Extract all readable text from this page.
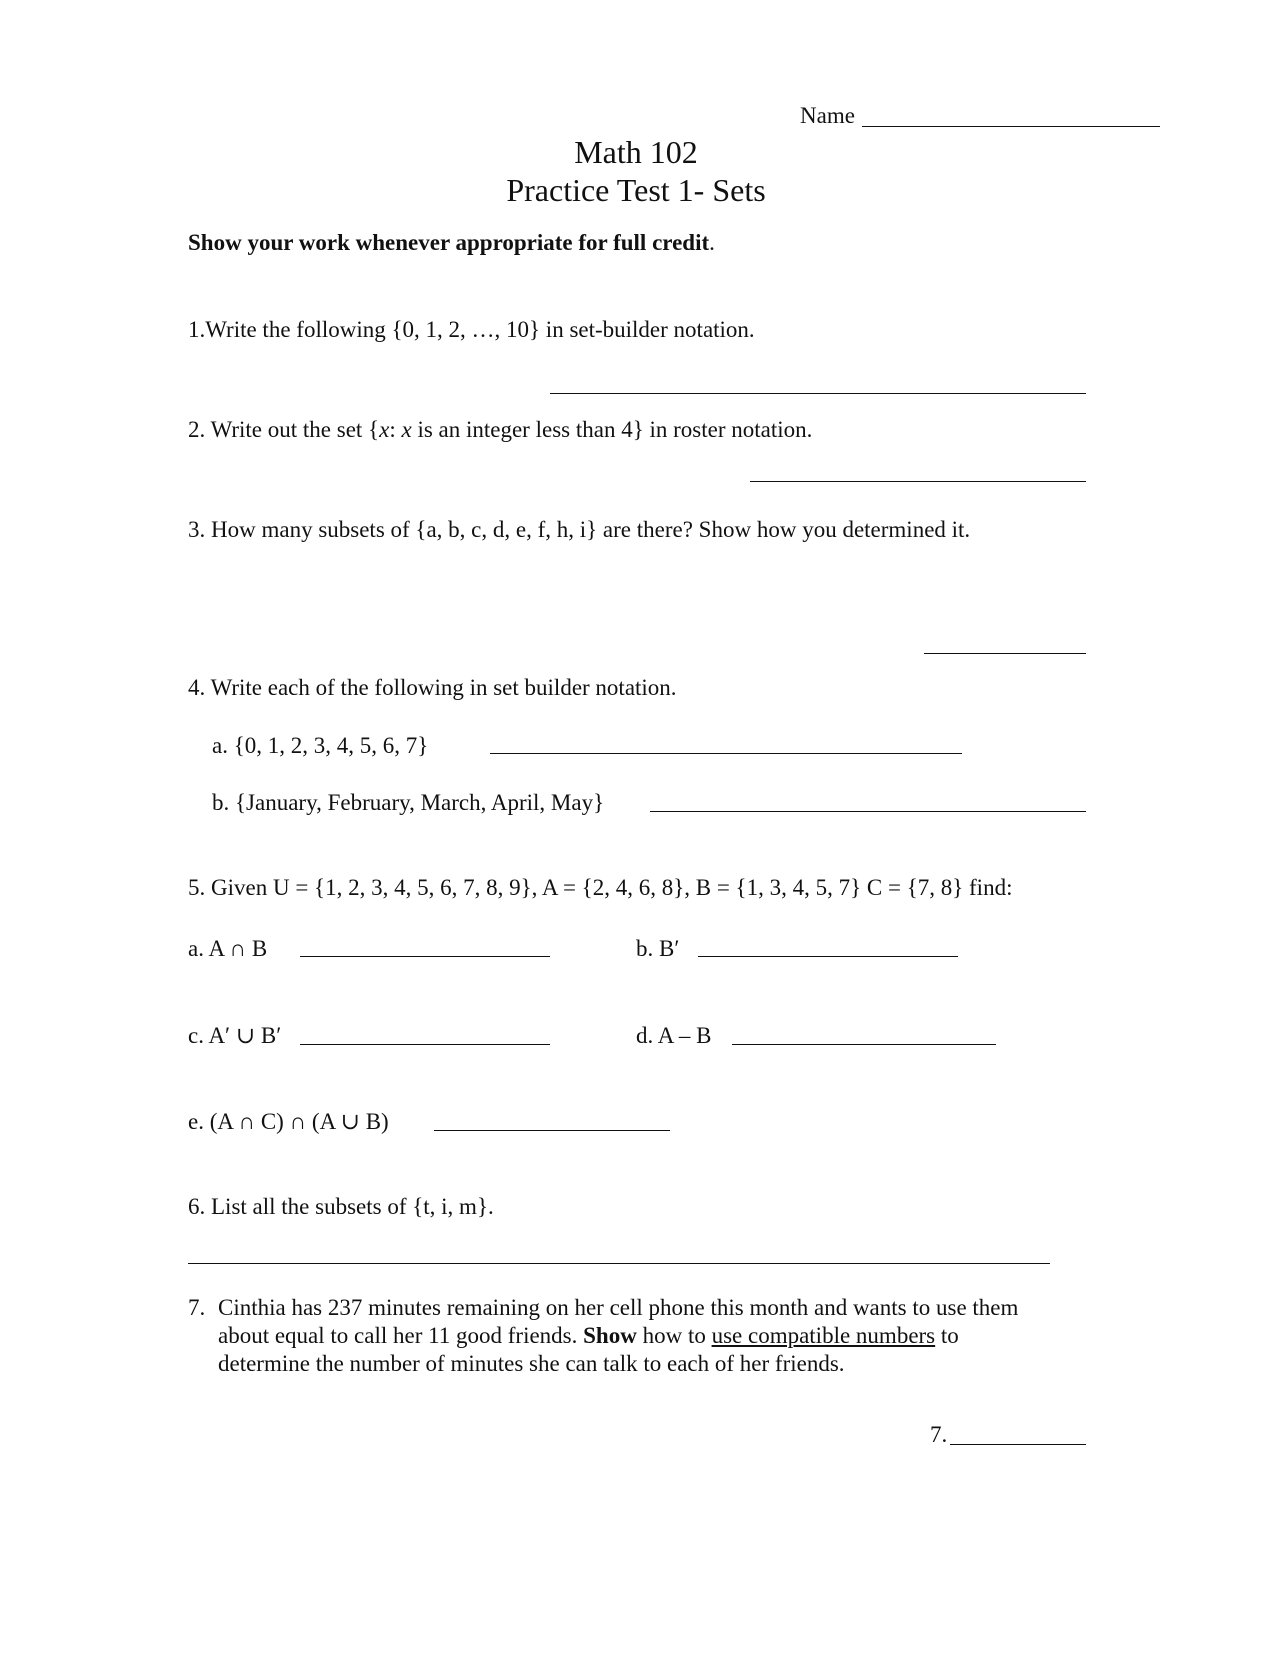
Name
Math 102
Practice Test 1- Sets
Show your work whenever appropriate for full credit.
1.Write the following {0, 1, 2, …, 10} in set-builder notation.
2. Write out the set {x: x is an integer less than 4} in roster notation.
3. How many subsets of {a, b, c, d, e, f, h, i} are there? Show how you determined it.
4. Write each of the following in set builder notation.
a. {0, 1, 2, 3, 4, 5, 6, 7}
b. {January, February, March, April, May}
5. Given U = {1, 2, 3, 4, 5, 6, 7, 8, 9}, A = {2, 4, 6, 8}, B = {1, 3, 4, 5, 7} C = {7, 8} find:
a. A ∩ B	b. B′
c. A′ ∪ B′	d. A – B
e. (A ∩ C) ∩ (A ∪ B)
6. List all the subsets of {t, i, m}.
7. Cinthia has 237 minutes remaining on her cell phone this month and wants to use them
about equal to call her 11 good friends. Show how to use compatible numbers to
determine the number of minutes she can talk to each of her friends.
7.
